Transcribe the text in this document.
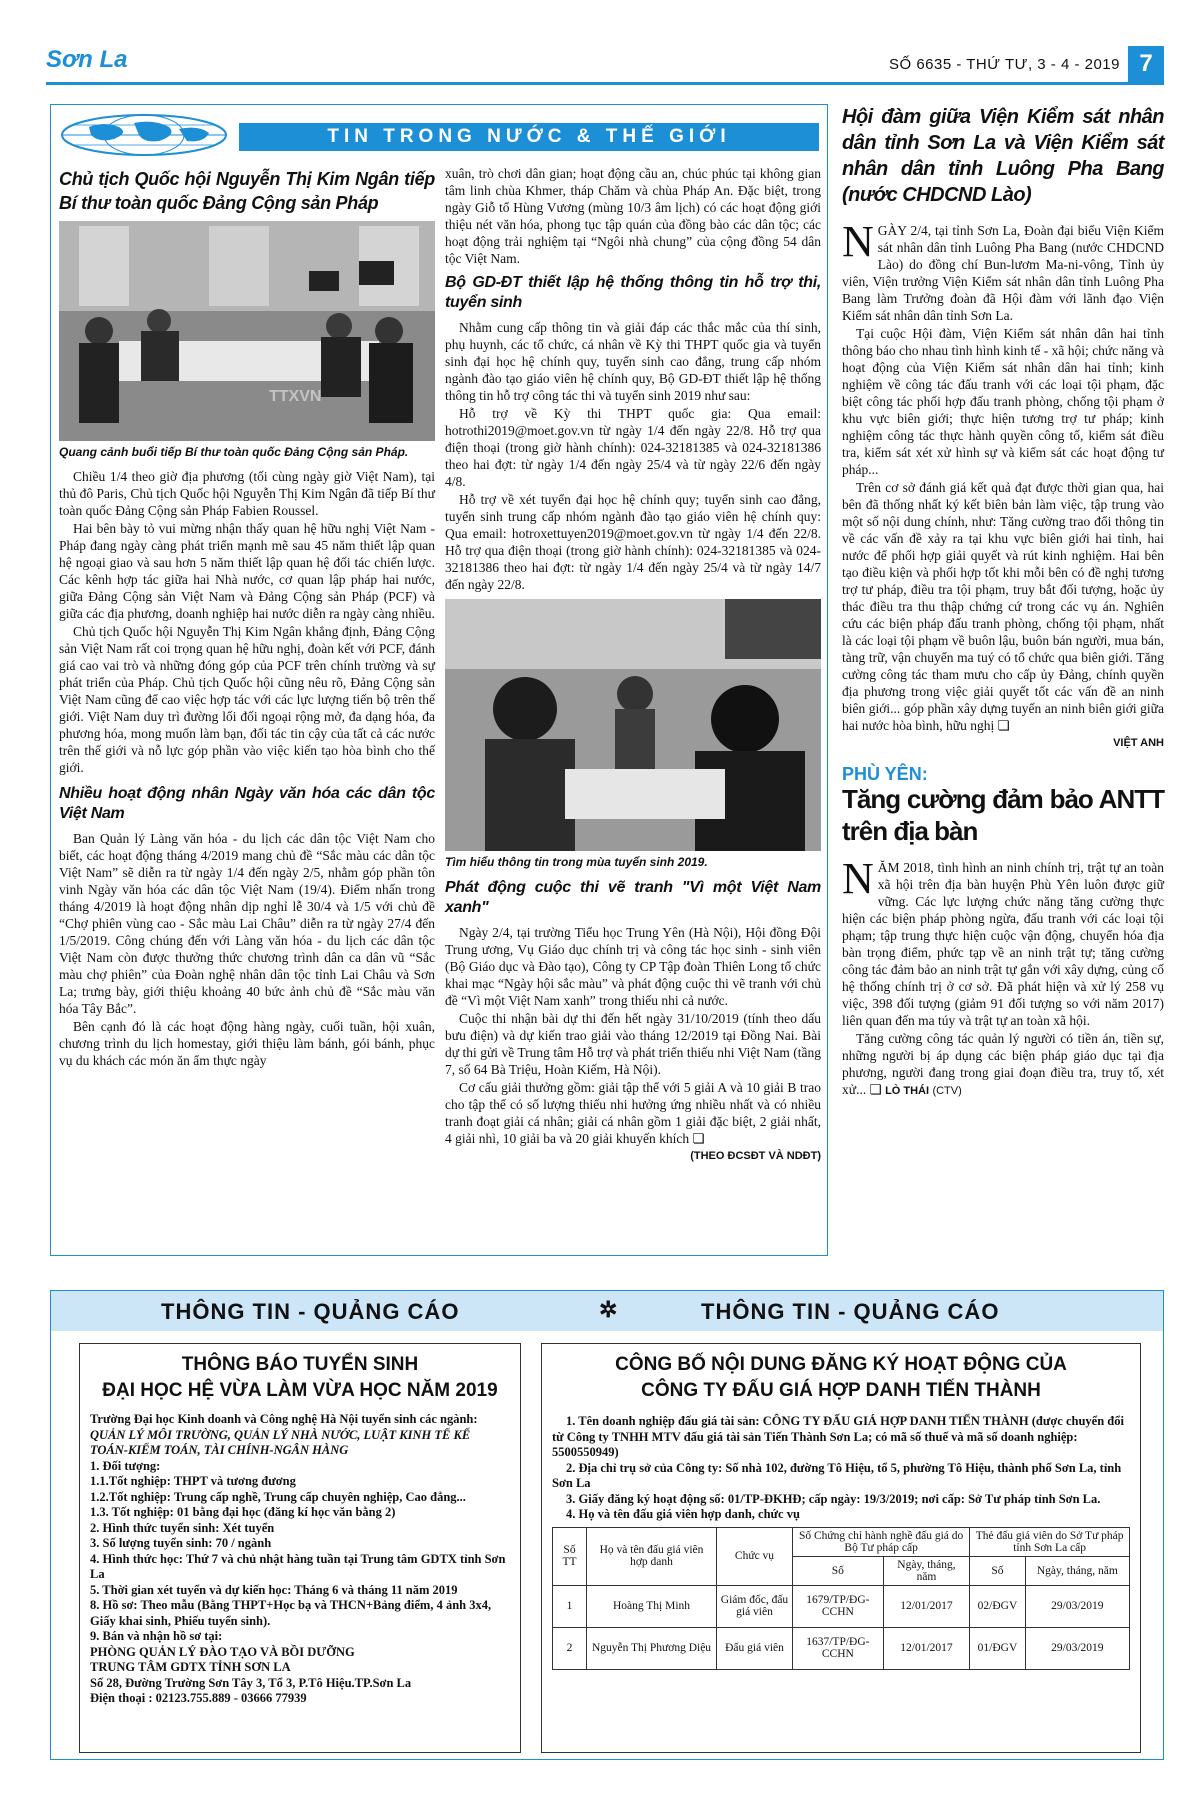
Sơn La	SỐ 6635 - THỨ TƯ, 3 - 4 - 2019 7
TIN TRONG NƯỚC & THẾ GIỚI
Chủ tịch Quốc hội Nguyễn Thị Kim Ngân tiếp Bí thư toàn quốc Đảng Cộng sản Pháp
TTXVN
Quang cảnh buổi tiếp Bí thư toàn quốc Đảng Cộng sản Pháp.

Chiều 1/4 theo giờ địa phương (tối cùng ngày giờ Việt Nam), tại thủ đô Paris, Chủ tịch Quốc hội Nguyễn Thị Kim Ngân đã tiếp Bí thư toàn quốc Đảng Cộng sản Pháp Fabien Roussel.

Hai bên bày tỏ vui mừng nhận thấy quan hệ hữu nghị Việt Nam - Pháp đang ngày càng phát triển mạnh mẽ sau 45 năm thiết lập quan hệ ngoại giao và sau hơn 5 năm thiết lập quan hệ đối tác chiến lược. Các kênh hợp tác giữa hai Nhà nước, cơ quan lập pháp hai nước, giữa Đảng Cộng sản Việt Nam và Đảng Cộng sản Pháp (PCF) và giữa các địa phương, doanh nghiệp hai nước diễn ra ngày càng nhiều.

Chủ tịch Quốc hội Nguyễn Thị Kim Ngân khẳng định, Đảng Cộng sản Việt Nam rất coi trọng quan hệ hữu nghị, đoàn kết với PCF, đánh giá cao vai trò và những đóng góp của PCF trên chính trường và sự phát triển của Pháp. Chủ tịch Quốc hội cũng nêu rõ, Đảng Cộng sản Việt Nam cũng để cao việc hợp tác với các lực lượng tiến bộ trên thế giới. Việt Nam duy trì đường lối đối ngoại rộng mở, đa dạng hóa, đa phương hóa, mong muốn làm bạn, đối tác tin cậy của tất cả các nước trên thế giới và nỗ lực góp phần vào việc kiến tạo hòa bình cho thế giới.

Nhiều hoạt động nhân Ngày văn hóa các dân tộc Việt Nam

Ban Quản lý Làng văn hóa - du lịch các dân tộc Việt Nam cho biết, các hoạt động tháng 4/2019 mang chủ đề “Sắc màu các dân tộc Việt Nam” sẽ diễn ra từ ngày 1/4 đến ngày 2/5, nhằm góp phần tôn vinh Ngày văn hóa các dân tộc Việt Nam (19/4). Điểm nhấn trong tháng 4/2019 là hoạt động nhân dịp nghỉ lễ 30/4 và 1/5 với chủ đề “Chợ phiên vùng cao - Sắc màu Lai Châu” diễn ra từ ngày 27/4 đến 1/5/2019. Công chúng đến với Làng văn hóa - du lịch các dân tộc Việt Nam còn được thưởng thức chương trình dân ca dân vũ “Sắc màu chợ phiên” của Đoàn nghệ nhân dân tộc tỉnh Lai Châu và Sơn La; trưng bày, giới thiệu khoảng 40 bức ảnh chủ đề “Sắc màu văn hóa Tây Bắc”.

Bên cạnh đó là các hoạt động hàng ngày, cuối tuần, hội xuân, chương trình du lịch homestay, giới thiệu làm bánh, gói bánh, phục vụ du khách các món ăn ẩm thực ngày

xuân, trò chơi dân gian; hoạt động cầu an, chúc phúc tại không gian tâm linh chùa Khmer, tháp Chăm và chùa Pháp An. Đặc biệt, trong ngày Giỗ tổ Hùng Vương (mùng 10/3 âm lịch) có các hoạt động giới thiệu nét văn hóa, phong tục tập quán của đồng bào các dân tộc; các hoạt động trải nghiệm tại “Ngôi nhà chung” của cộng đồng 54 dân tộc Việt Nam.

Bộ GD-ĐT thiết lập hệ thống thông tin hỗ trợ thi, tuyển sinh

Nhằm cung cấp thông tin và giải đáp các thắc mắc của thí sinh, phụ huynh, các tổ chức, cá nhân về Kỳ thi THPT quốc gia và tuyển sinh đại học hệ chính quy, tuyển sinh cao đẳng, trung cấp nhóm ngành đào tạo giáo viên hệ chính quy, Bộ GD-ĐT thiết lập hệ thống thông tin hỗ trợ công tác thi và tuyển sinh 2019 như sau:

Hỗ trợ về Kỳ thi THPT quốc gia: Qua email: hotrothi2019@moet.gov.vn từ ngày 1/4 đến ngày 22/8. Hỗ trợ qua điện thoại (trong giờ hành chính): 024-32181385 và 024-32181386 theo hai đợt: từ ngày 1/4 đến ngày 25/4 và từ ngày 22/6 đến ngày 4/8.

Hỗ trợ về xét tuyển đại học hệ chính quy; tuyển sinh cao đẳng, tuyển sinh trung cấp nhóm ngành đào tạo giáo viên hệ chính quy: Qua email: hotroxettuyen2019@moet.gov.vn từ ngày 1/4 đến 22/8. Hỗ trợ qua điện thoại (trong giờ hành chính): 024-32181385 và 024-32181386 theo hai đợt: từ ngày 1/4 đến ngày 25/4 và từ ngày 14/7 đến ngày 22/8.

Tìm hiểu thông tin trong mùa tuyển sinh 2019.
Phát động cuộc thi vẽ tranh "Vì một Việt Nam xanh"

Ngày 2/4, tại trường Tiểu học Trung Yên (Hà Nội), Hội đồng Đội Trung ương, Vụ Giáo dục chính trị và công tác học sinh - sinh viên (Bộ Giáo dục và Đào tạo), Công ty CP Tập đoàn Thiên Long tổ chức khai mạc “Ngày hội sắc màu” và phát động cuộc thi vẽ tranh với chủ đề “Vì một Việt Nam xanh” trong thiếu nhi cả nước.

Cuộc thi nhận bài dự thi đến hết ngày 31/10/2019 (tính theo dấu bưu điện) và dự kiến trao giải vào tháng 12/2019 tại Đồng Nai. Bài dự thi gửi về Trung tâm Hỗ trợ và phát triển thiếu nhi Việt Nam (tầng 7, số 64 Bà Triệu, Hoàn Kiếm, Hà Nội).

Cơ cấu giải thưởng gồm: giải tập thể với 5 giải A và 10 giải B trao cho tập thể có số lượng thiếu nhi hưởng ứng nhiều nhất và có nhiều tranh đoạt giải cá nhân; giải cá nhân gồm 1 giải đặc biệt, 2 giải nhất, 4 giải nhì, 10 giải ba và 20 giải khuyến khích ❏

(THEO ĐCSĐT VÀ NDĐT)
Hội đàm giữa Viện Kiểm sát nhân dân tỉnh Sơn La và Viện Kiểm sát nhân dân tỉnh Luông Pha Bang (nước CHDCND Lào)

NGÀY 2/4, tại tỉnh Sơn La, Đoàn đại biểu Viện Kiểm sát nhân dân tỉnh Luông Pha Bang (nước CHDCND Lào) do đồng chí Bun-lươm Ma-ni-vông, Tỉnh ủy viên, Viện trưởng Viện Kiểm sát nhân dân tỉnh Luông Pha Bang làm Trưởng đoàn đã Hội đàm với lãnh đạo Viện Kiểm sát nhân dân tỉnh Sơn La.

Tại cuộc Hội đàm, Viện Kiểm sát nhân dân hai tỉnh thông báo cho nhau tình hình kinh tế - xã hội; chức năng và hoạt động của Viện Kiểm sát nhân dân hai tỉnh; kinh nghiệm về công tác đấu tranh với các loại tội phạm, đặc biệt công tác phối hợp đấu tranh phòng, chống tội phạm ở khu vực biên giới; thực hiện tương trợ tư pháp; kinh nghiệm công tác thực hành quyền công tố, kiểm sát điều tra, kiểm sát xét xử hình sự và kiểm sát các hoạt động tư pháp...

Trên cơ sở đánh giá kết quả đạt được thời gian qua, hai bên đã thống nhất ký kết biên bản làm việc, tập trung vào một số nội dung chính, như: Tăng cường trao đổi thông tin về các vấn đề xảy ra tại khu vực biên giới hai tỉnh, hai nước để phối hợp giải quyết và rút kinh nghiệm. Hai bên tạo điều kiện và phối hợp tốt khi mỗi bên có đề nghị tương trợ tư pháp, điều tra tội phạm, truy bắt đối tượng, hoặc ủy thác điều tra thu thập chứng cứ trong các vụ án. Nghiên cứu các biện pháp đấu tranh phòng, chống tội phạm, nhất là các loại tội phạm về buôn lậu, buôn bán người, mua bán, tàng trữ, vận chuyển ma tuý có tổ chức qua biên giới. Tăng cường công tác tham mưu cho cấp ủy Đảng, chính quyền địa phương trong việc giải quyết tốt các vấn đề an ninh biên giới... góp phần xây dựng tuyến an ninh biên giới giữa hai nước hòa bình, hữu nghị ❏

VIỆT ANH
PHÙ YÊN:
Tăng cường đảm bảo ANTT trên địa bàn

NĂM 2018, tình hình an ninh chính trị, trật tự an toàn xã hội trên địa bàn huyện Phù Yên luôn được giữ vững. Các lực lượng chức năng tăng cường thực hiện các biện pháp phòng ngừa, đấu tranh với các loại tội phạm; tập trung thực hiện cuộc vận động, chuyển hóa địa bàn trọng điểm, phức tạp về an ninh trật tự; tăng cường công tác đảm bảo an ninh trật tự gắn với xây dựng, củng cố hệ thống chính trị ở cơ sở. Đã phát hiện và xử lý 258 vụ việc, 398 đối tượng (giảm 91 đối tượng so với năm 2017) liên quan đến ma túy và trật tự an toàn xã hội.

Tăng cường công tác quản lý người có tiền án, tiền sự, những người bị áp dụng các biện pháp giáo dục tại địa phương, người đang trong giai đoạn điều tra, truy tố, xét xử... ❏ LÒ THÁI (CTV)

THÔNG TIN - QUẢNG CÁO	✲	THÔNG TIN - QUẢNG CÁO
THÔNG BÁO TUYỂN SINH
ĐẠI HỌC HỆ VỪA LÀM VỪA HỌC NĂM 2019
Trường Đại học Kinh doanh và Công nghệ Hà Nội tuyển sinh các ngành:
QUẢN LÝ MÔI TRƯỜNG, QUẢN LÝ NHÀ NƯỚC, LUẬT KINH TẾ KẾ TOÁN-KIỂM TOÁN, TÀI CHÍNH-NGÂN HÀNG
1. Đối tượng:
1.1.Tốt nghiệp: THPT và tương đương
1.2.Tốt nghiệp: Trung cấp nghề, Trung cấp chuyên nghiệp, Cao đẳng...
1.3. Tốt nghiệp: 01 bằng đại học (đăng kí học văn bằng 2)
2. Hình thức tuyển sinh: Xét tuyển
3. Số lượng tuyển sinh: 70 / ngành
4. Hình thức học: Thứ 7 và chủ nhật hàng tuần tại Trung tâm GDTX tỉnh Sơn La
5. Thời gian xét tuyển và dự kiến học: Tháng 6 và tháng 11 năm 2019
8. Hồ sơ: Theo mẫu (Bằng THPT+Học bạ và THCN+Bảng điểm, 4 ảnh 3x4, Giấy khai sinh, Phiếu tuyển sinh).
9. Bán và nhận hồ sơ tại:
PHÒNG QUẢN LÝ ĐÀO TẠO VÀ BỒI DƯỠNG
TRUNG TÂM GDTX TỈNH SƠN LA
Số 28, Đường Trường Sơn Tây 3, Tổ 3, P.Tô Hiệu.TP.Sơn La
Điện thoại : 02123.755.889 - 03666 77939
CÔNG BỐ NỘI DUNG ĐĂNG KÝ HOẠT ĐỘNG CỦA
CÔNG TY ĐẤU GIÁ HỢP DANH TIẾN THÀNH
1. Tên doanh nghiệp đấu giá tài sản: CÔNG TY ĐẤU GIÁ HỢP DANH TIẾN THÀNH (được chuyển đổi từ Công ty TNHH MTV đấu giá tài sản Tiến Thành Sơn La; có mã số thuế và mã số doanh nghiệp: 5500550949)
2. Địa chỉ trụ sở của Công ty: Số nhà 102, đường Tô Hiệu, tổ 5, phường Tô Hiệu, thành phố Sơn La, tỉnh Sơn La
3. Giấy đăng ký hoạt động số: 01/TP-ĐKHĐ; cấp ngày: 19/3/2019; nơi cấp: Sở Tư pháp tỉnh Sơn La.
4. Họ và tên đấu giá viên hợp danh, chức vụ
Số TT	Họ và tên đấu giá viên hợp danh	Chức vụ	Số Chứng chỉ hành nghề đấu giá do Bộ Tư pháp cấp		Thẻ đấu giá viên do Sở Tư pháp tỉnh Sơn La cấp	
			Số	Ngày, tháng, năm	Số	Ngày, tháng, năm
1	Hoàng Thị Minh	Giám đốc, đấu giá viên	1679/TP/ĐG-CCHN	12/01/2017	02/ĐGV	29/03/2019
2	Nguyễn Thị Phương Diệu	Đấu giá viên	1637/TP/ĐG-CCHN	12/01/2017	01/ĐGV	29/03/2019
